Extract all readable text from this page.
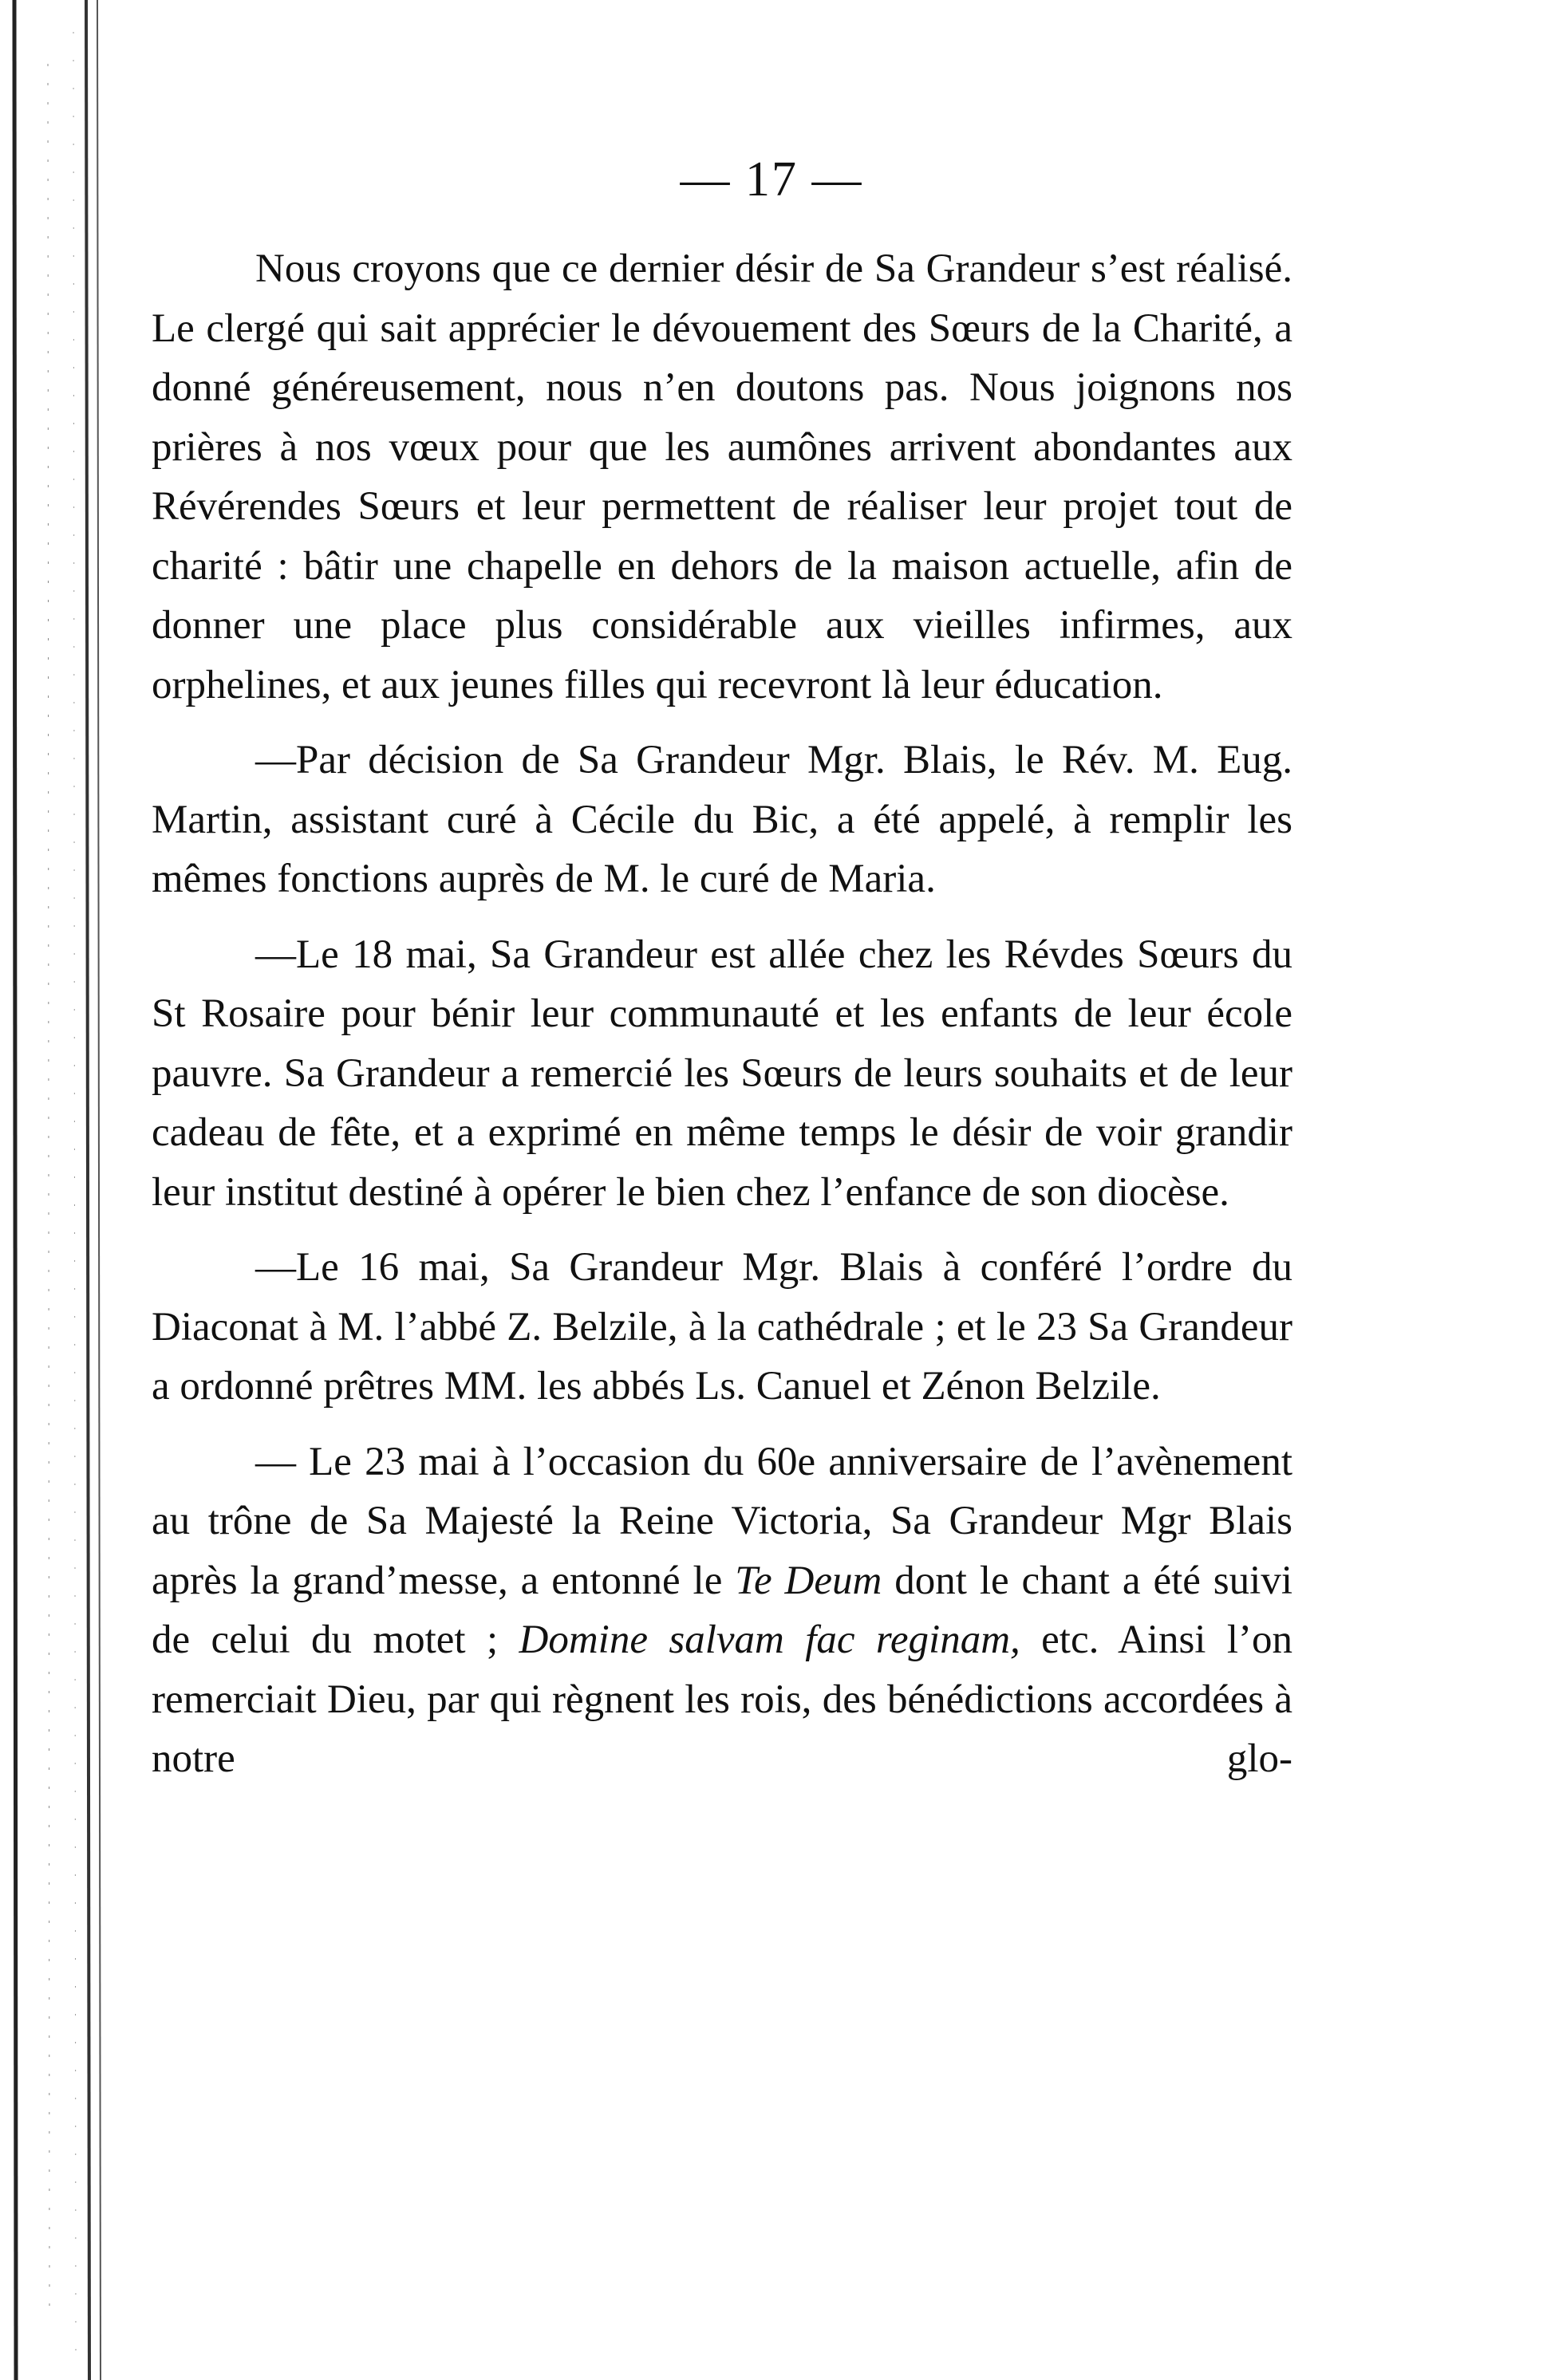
— 17 —

Nous croyons que ce dernier désir de Sa Grandeur s’est réalisé. Le clergé qui sait apprécier le dévouement des Sœurs de la Charité, a donné généreusement, nous n’en doutons pas. Nous joignons nos prières à nos vœux pour que les aumônes arrivent abondantes aux Révérendes Sœurs et leur permettent de réaliser leur projet tout de charité : bâtir une chapelle en dehors de la maison actuelle, afin de donner une place plus considérable aux vieilles infirmes, aux orphelines, et aux jeunes filles qui recevront là leur éducation.

—Par décision de Sa Grandeur Mgr. Blais, le Rév. M. Eug. Martin, assistant curé à Cécile du Bic, a été appelé, à remplir les mêmes fonctions auprès de M. le curé de Maria.

—Le 18 mai, Sa Grandeur est allée chez les Révdes Sœurs du St Rosaire pour bénir leur communauté et les enfants de leur école pauvre. Sa Grandeur a remercié les Sœurs de leurs souhaits et de leur cadeau de fête, et a exprimé en même temps le désir de voir grandir leur institut destiné à opérer le bien chez l’enfance de son diocèse.

—Le 16 mai, Sa Grandeur Mgr. Blais à conféré l’ordre du Diaconat à M. l’abbé Z. Belzile, à la cathédrale ; et le 23 Sa Grandeur a ordonné prêtres MM. les abbés Ls. Canuel et Zénon Belzile.

— Le 23 mai à l’occasion du 60e anniversaire de l’avènement au trône de Sa Majesté la Reine Victoria, Sa Grandeur Mgr Blais après la grand’messe, a entonné le Te Deum dont le chant a été suivi de celui du motet ; Domine salvam fac reginam, etc. Ainsi l’on remerciait Dieu, par qui règnent les rois, des bénédictions accordées à notre glo-
